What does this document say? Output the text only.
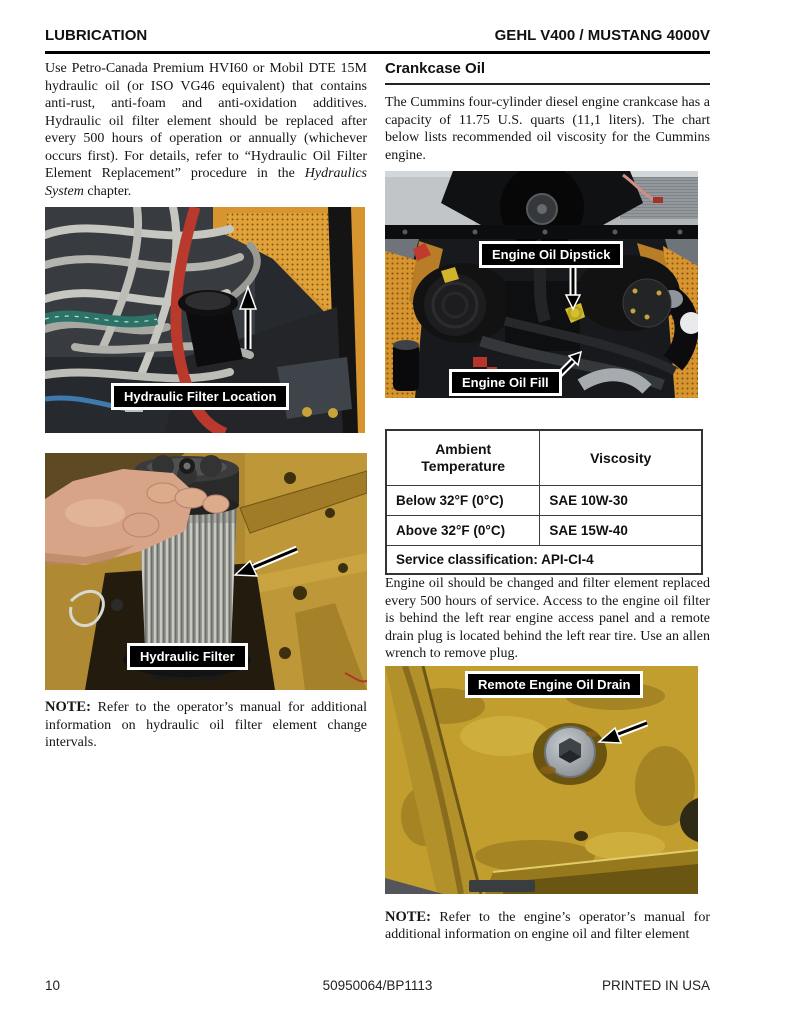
LUBRICATION	GEHL V400 / MUSTANG 4000V

Use Petro-Canada Premium HVI60 or Mobil DTE 15M hydraulic oil (or ISO VG46 equivalent) that contains anti-rust, anti-foam and anti-oxidation additives. Hydraulic oil filter element should be replaced after every 500 hours of operation or annually (whichever occurs first). For details, refer to “Hydraulic Oil Filter Element Replacement” procedure in the Hydraulics System chapter.

Hydraulic Filter Location
Hydraulic Filter

NOTE: Refer to the operator’s manual for additional information on hydraulic oil filter element change intervals.

Crankcase Oil

The Cummins four-cylinder diesel engine crankcase has a capacity of 11.75 U.S. quarts (11,1 liters). The chart below lists recommended oil viscosity for the Cummins engine.

Engine Oil Dipstick
Engine Oil Fill
Ambient Temperature	Viscosity
Below 32°F (0°C)	SAE 10W-30
Above 32°F (0°C)	SAE 15W-40
Service classification: API-CI-4	

Engine oil should be changed and filter element replaced every 500 hours of service. Access to the engine oil filter is behind the left rear engine access panel and a remote drain plug is located behind the left rear tire. Use an allen wrench to remove plug.

Remote Engine Oil Drain

NOTE: Refer to the engine’s operator’s manual for additional information on engine oil and filter element

50950064/BP1113
10	PRINTED IN USA
